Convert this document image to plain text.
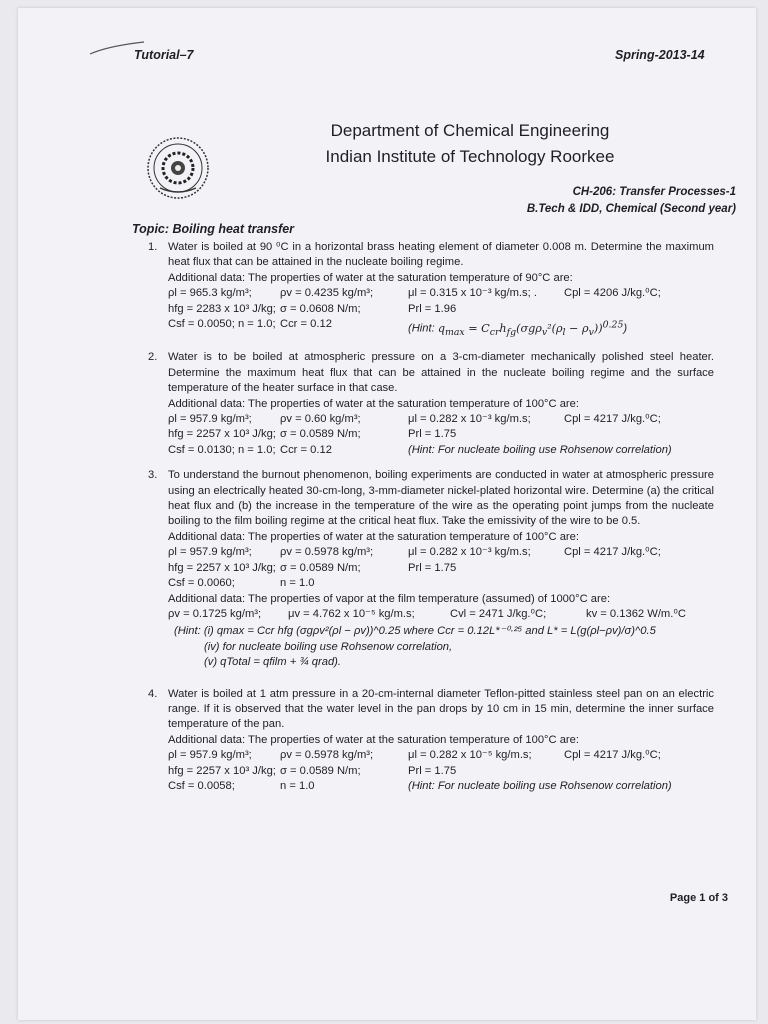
Tutorial–7	Spring-2013-14
Department of Chemical Engineering
Indian Institute of Technology Roorkee
CH-206: Transfer Processes-1
B.Tech & IDD, Chemical (Second year)
Topic: Boiling heat transfer
1. Water is boiled at 90 ⁰C in a horizontal brass heating element of diameter 0.008 m. Determine the maximum heat flux that can be attained in the nucleate boiling regime.

Additional data: The properties of water at the saturation temperature of 90°C are:
ρl = 965.3 kg/m³;	ρv = 0.4235 kg/m³;	μl = 0.315 x 10⁻³ kg/m.s; .	Cpl = 4206 J/kg.⁰C;
hfg = 2283 x 10³ J/kg; σ = 0.0608 N/m;	Prl = 1.96
Csf = 0.0050; n = 1.0; Ccr = 0.12	(Hint: $q_{max} = C_{cr}h_{fg}(\sigma g\rho_v^2(\rho_l - \rho_v))^{0.25}$)
2. Water is to be boiled at atmospheric pressure on a 3-cm-diameter mechanically polished steel heater. Determine the maximum heat flux that can be attained in the nucleate boiling regime and the surface temperature of the heater surface in that case.

Additional data: The properties of water at the saturation temperature of 100°C are:
ρl = 957.9 kg/m³;	ρv = 0.60 kg/m³;	μl = 0.282 x 10⁻³ kg/m.s;	Cpl = 4217 J/kg.⁰C;
hfg = 2257 x 10³ J/kg; σ = 0.0589 N/m;	Prl = 1.75
Csf = 0.0130; n = 1.0; Ccr = 0.12	(Hint: For nucleate boiling use Rohsenow correlation)
3. To understand the burnout phenomenon, boiling experiments are conducted in water at atmospheric pressure using an electrically heated 30-cm-long, 3-mm-diameter nickel-plated horizontal wire. Determine (a) the critical heat flux and (b) the increase in the temperature of the wire as the operating point jumps from the nucleate boiling to the film boiling regime at the critical heat flux. Take the emissivity of the wire to be 0.5.

Additional data: The properties of water at the saturation temperature of 100°C are:
ρl = 957.9 kg/m³;	ρv = 0.5978 kg/m³;	μl = 0.282 x 10⁻³ kg/m.s;	Cpl = 4217 J/kg.⁰C;
hfg = 2257 x 10³ J/kg; σ = 0.0589 N/m;	Prl = 1.75
Csf = 0.0060;	n = 1.0
Additional data: The properties of vapor at the film temperature (assumed) of 1000°C are:
ρv = 0.1725 kg/m³;	μv = 4.762 x 10⁻⁵ kg/m.s;	Cvl = 2471 J/kg.⁰C;	kv = 0.1362 W/m.⁰C
(Hint: (i) qmax = Ccr hfg (σgρv²(ρl − ρv))^0.25 where Ccr = 0.12L*⁻⁰·²⁵ and L* = L(g(ρl−ρv)/σ)^0.5
(iv) for nucleate boiling use Rohsenow correlation,
(v) qTotal = qfilm + ¾ qrad).
4. Water is boiled at 1 atm pressure in a 20-cm-internal diameter Teflon-pitted stainless steel pan on an electric range. If it is observed that the water level in the pan drops by 10 cm in 15 min, determine the inner surface temperature of the pan.

Additional data: The properties of water at the saturation temperature of 100°C are:
ρl = 957.9 kg/m³;	ρv = 0.5978 kg/m³;	μl = 0.282 x 10⁻⁵ kg/m.s;	Cpl = 4217 J/kg.⁰C;
hfg = 2257 x 10³ J/kg; σ = 0.0589 N/m;	Prl = 1.75
Csf = 0.0058;	n = 1.0	(Hint: For nucleate boiling use Rohsenow correlation)
Page 1 of 3
